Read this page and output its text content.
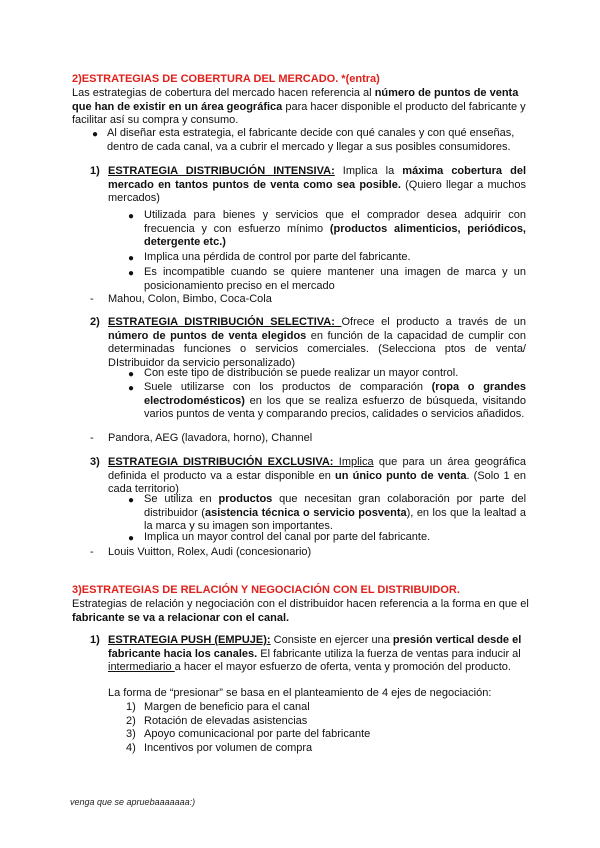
2)ESTRATEGIAS DE COBERTURA DEL MERCADO. *(entra)
Las estrategias de cobertura del mercado hacen referencia al número de puntos de venta que han de existir en un área geográfica para hacer disponible el producto del fabricante y facilitar así su compra y consumo.
● Al diseñar esta estrategia, el fabricante decide con qué canales y con qué enseñas, dentro de cada canal, va a cubrir el mercado y llegar a sus posibles consumidores.
1) ESTRATEGIA DISTRIBUCIÓN INTENSIVA: Implica la máxima cobertura del mercado en tantos puntos de venta como sea posible. (Quiero llegar a muchos mercados)
● Utilizada para bienes y servicios que el comprador desea adquirir con frecuencia y con esfuerzo mínimo (productos alimenticios, periódicos, detergente etc.)
● Implica una pérdida de control por parte del fabricante.
● Es incompatible cuando se quiere mantener una imagen de marca y un posicionamiento preciso en el mercado
- Mahou, Colon, Bimbo, Coca-Cola
2) ESTRATEGIA DISTRIBUCIÓN SELECTIVA: Ofrece el producto a través de un número de puntos de venta elegidos en función de la capacidad de cumplir con determinadas funciones o servicios comerciales. (Selecciona ptos de venta/ DIstribuidor da servicio personalizado)
● Con este tipo de distribución se puede realizar un mayor control.
● Suele utilizarse con los productos de comparación (ropa o grandes electrodomésticos) en los que se realiza esfuerzo de búsqueda, visitando varios puntos de venta y comparando precios, calidades o servicios añadidos.
- Pandora, AEG (lavadora, horno), Channel
3) ESTRATEGIA DISTRIBUCIÓN EXCLUSIVA: Implica que para un área geográfica definida el producto va a estar disponible en un único punto de venta. (Solo 1 en cada territorio)
● Se utiliza en productos que necesitan gran colaboración por parte del distribuidor (asistencia técnica o servicio posventa), en los que la lealtad a la marca y su imagen son importantes.
● Implica un mayor control del canal por parte del fabricante.
- Louis Vuitton, Rolex, Audi (concesionario)
3)ESTRATEGIAS DE RELACIÓN Y NEGOCIACIÓN CON EL DISTRIBUIDOR.
Estrategias de relación y negociación con el distribuidor hacen referencia a la forma en que el fabricante se va a relacionar con el canal.
1) ESTRATEGIA PUSH (EMPUJE): Consiste en ejercer una presión vertical desde el fabricante hacia los canales. El fabricante utiliza la fuerza de ventas para inducir al intermediario a hacer el mayor esfuerzo de oferta, venta y promoción del producto.
La forma de “presionar” se basa en el planteamiento de 4 ejes de negociación:
1) Margen de beneficio para el canal
2) Rotación de elevadas asistencias
3) Apoyo comunicacional por parte del fabricante
4) Incentivos por volumen de compra
venga que se apruebaaaaaaa:)
